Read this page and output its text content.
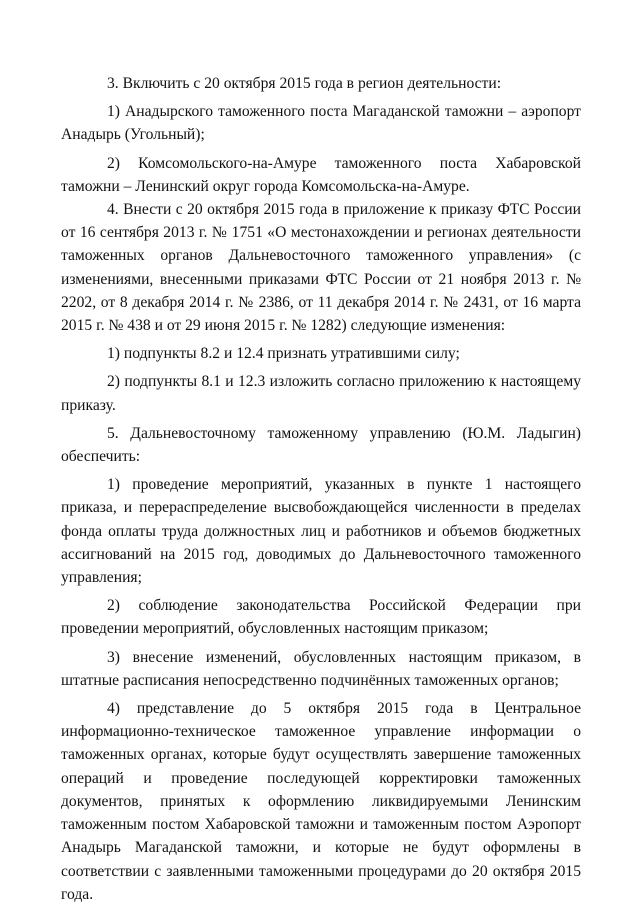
3. Включить с 20 октября 2015 года в регион деятельности:

1) Анадырского таможенного поста Магаданской таможни – аэропорт Анадырь (Угольный);

2) Комсомольского-на-Амуре таможенного поста Хабаровской таможни – Ленинский округ города Комсомольска-на-Амуре.

4. Внести с 20 октября 2015 года в приложение к приказу ФТС России от 16 сентября 2013 г. № 1751 «О местонахождении и регионах деятельности таможенных органов Дальневосточного таможенного управления» (с изменениями, внесенными приказами ФТС России от 21 ноября 2013 г. № 2202, от 8 декабря 2014 г. № 2386, от 11 декабря 2014 г. № 2431, от 16 марта 2015 г. № 438 и от 29 июня 2015 г. № 1282) следующие изменения:

1) подпункты 8.2 и 12.4 признать утратившими силу;

2) подпункты 8.1 и 12.3 изложить согласно приложению к настоящему приказу.

5. Дальневосточному таможенному управлению (Ю.М. Ладыгин) обеспечить:

1) проведение мероприятий, указанных в пункте 1 настоящего приказа, и перераспределение высвобождающейся численности в пределах фонда оплаты труда должностных лиц и работников и объемов бюджетных ассигнований на 2015 год, доводимых до Дальневосточного таможенного управления;

2) соблюдение законодательства Российской Федерации при проведении мероприятий, обусловленных настоящим приказом;

3) внесение изменений, обусловленных настоящим приказом, в штатные расписания непосредственно подчинённых таможенных органов;

4) представление до 5 октября 2015 года в Центральное информационно-техническое таможенное управление информации о таможенных органах, которые будут осуществлять завершение таможенных операций и проведение последующей корректировки таможенных документов, принятых к оформлению ликвидируемыми Ленинским таможенным постом Хабаровской таможни и таможенным постом Аэропорт Анадырь Магаданской таможни, и которые не будут оформлены в соответствии с заявленными таможенными процедурами до 20 октября 2015 года.
